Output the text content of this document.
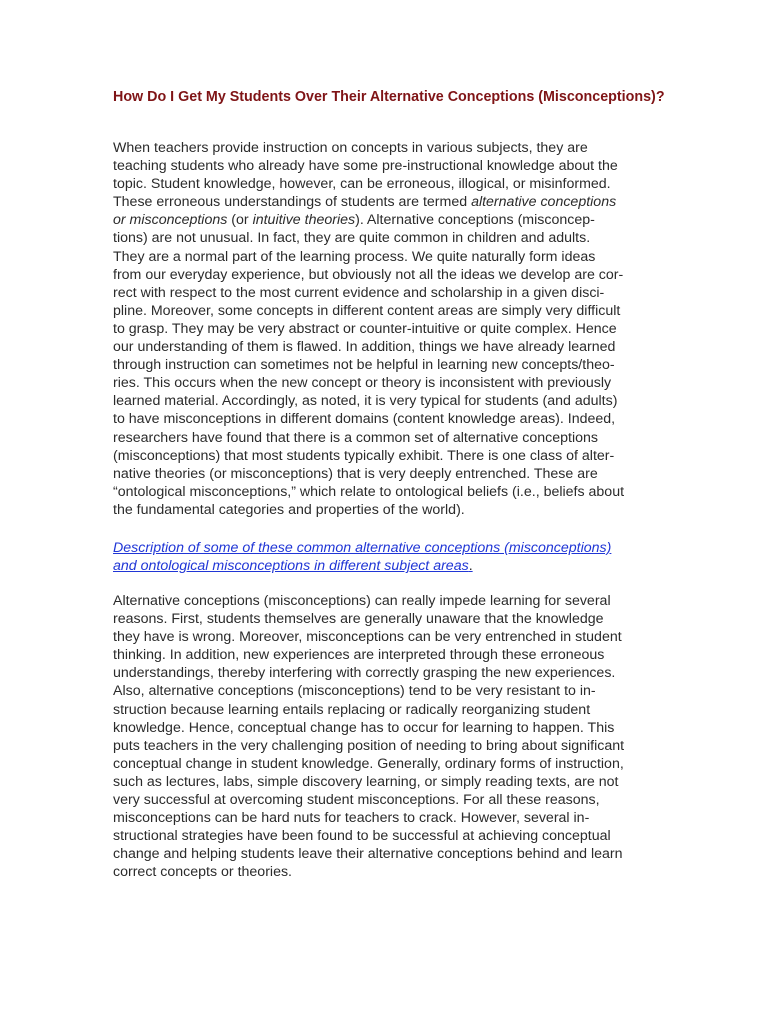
How Do I Get My Students Over Their Alternative Conceptions (Misconceptions)?
When teachers provide instruction on concepts in various subjects, they are
teaching students who already have some pre-instructional knowledge about the
topic. Student knowledge, however, can be erroneous, illogical, or misinformed.
These erroneous understandings of students are termed alternative conceptions
or misconceptions (or intuitive theories). Alternative conceptions (misconcep-
tions) are not unusual. In fact, they are quite common in children and adults.
They are a normal part of the learning process. We quite naturally form ideas
from our everyday experience, but obviously not all the ideas we develop are cor-
rect with respect to the most current evidence and scholarship in a given disci-
pline. Moreover, some concepts in different content areas are simply very difficult
to grasp. They may be very abstract or counter-intuitive or quite complex. Hence
our understanding of them is flawed. In addition, things we have already learned
through instruction can sometimes not be helpful in learning new concepts/theo-
ries. This occurs when the new concept or theory is inconsistent with previously
learned material. Accordingly, as noted, it is very typical for students (and adults)
to have misconceptions in different domains (content knowledge areas). Indeed,
researchers have found that there is a common set of alternative conceptions
(misconceptions) that most students typically exhibit. There is one class of alter-
native theories (or misconceptions) that is very deeply entrenched. These are
“ontological misconceptions,” which relate to ontological beliefs (i.e., beliefs about
the fundamental categories and properties of the world).
Description of some of these common alternative conceptions (misconceptions)
and ontological misconceptions in different subject areas.
Alternative conceptions (misconceptions) can really impede learning for several
reasons. First, students themselves are generally unaware that the knowledge
they have is wrong. Moreover, misconceptions can be very entrenched in student
thinking. In addition, new experiences are interpreted through these erroneous
understandings, thereby interfering with correctly grasping the new experiences.
Also, alternative conceptions (misconceptions) tend to be very resistant to in-
struction because learning entails replacing or radically reorganizing student
knowledge. Hence, conceptual change has to occur for learning to happen. This
puts teachers in the very challenging position of needing to bring about significant
conceptual change in student knowledge. Generally, ordinary forms of instruction,
such as lectures, labs, simple discovery learning, or simply reading texts, are not
very successful at overcoming student misconceptions. For all these reasons,
misconceptions can be hard nuts for teachers to crack. However, several in-
structional strategies have been found to be successful at achieving conceptual
change and helping students leave their alternative conceptions behind and learn
correct concepts or theories.
